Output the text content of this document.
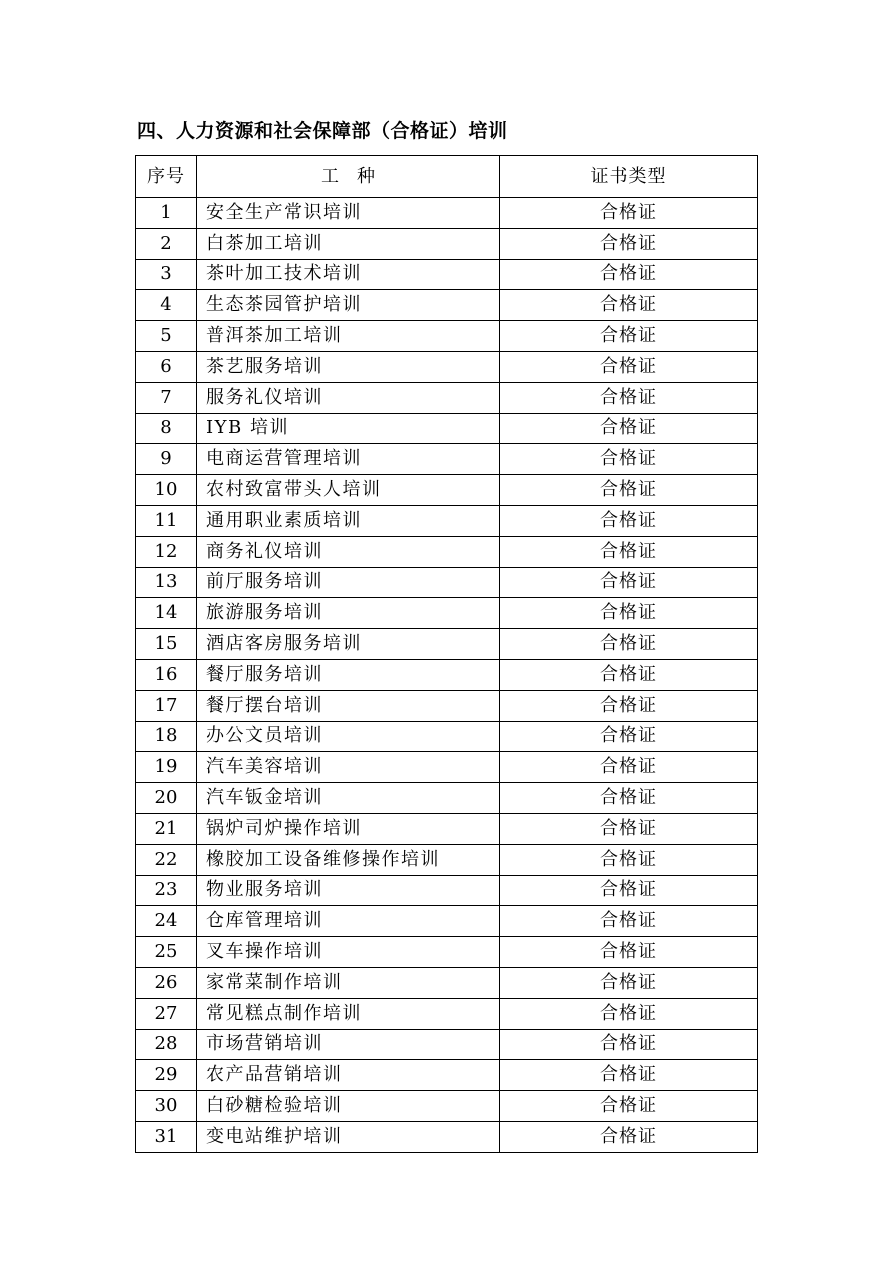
四、人力资源和社会保障部（合格证）培训
序号	工　种	证书类型
1	安全生产常识培训	合格证
2	白茶加工培训	合格证
3	茶叶加工技术培训	合格证
4	生态茶园管护培训	合格证
5	普洱茶加工培训	合格证
6	茶艺服务培训	合格证
7	服务礼仪培训	合格证
8	IYB 培训	合格证
9	电商运营管理培训	合格证
10	农村致富带头人培训	合格证
11	通用职业素质培训	合格证
12	商务礼仪培训	合格证
13	前厅服务培训	合格证
14	旅游服务培训	合格证
15	酒店客房服务培训	合格证
16	餐厅服务培训	合格证
17	餐厅摆台培训	合格证
18	办公文员培训	合格证
19	汽车美容培训	合格证
20	汽车钣金培训	合格证
21	锅炉司炉操作培训	合格证
22	橡胶加工设备维修操作培训	合格证
23	物业服务培训	合格证
24	仓库管理培训	合格证
25	叉车操作培训	合格证
26	家常菜制作培训	合格证
27	常见糕点制作培训	合格证
28	市场营销培训	合格证
29	农产品营销培训	合格证
30	白砂糖检验培训	合格证
31	变电站维护培训	合格证
